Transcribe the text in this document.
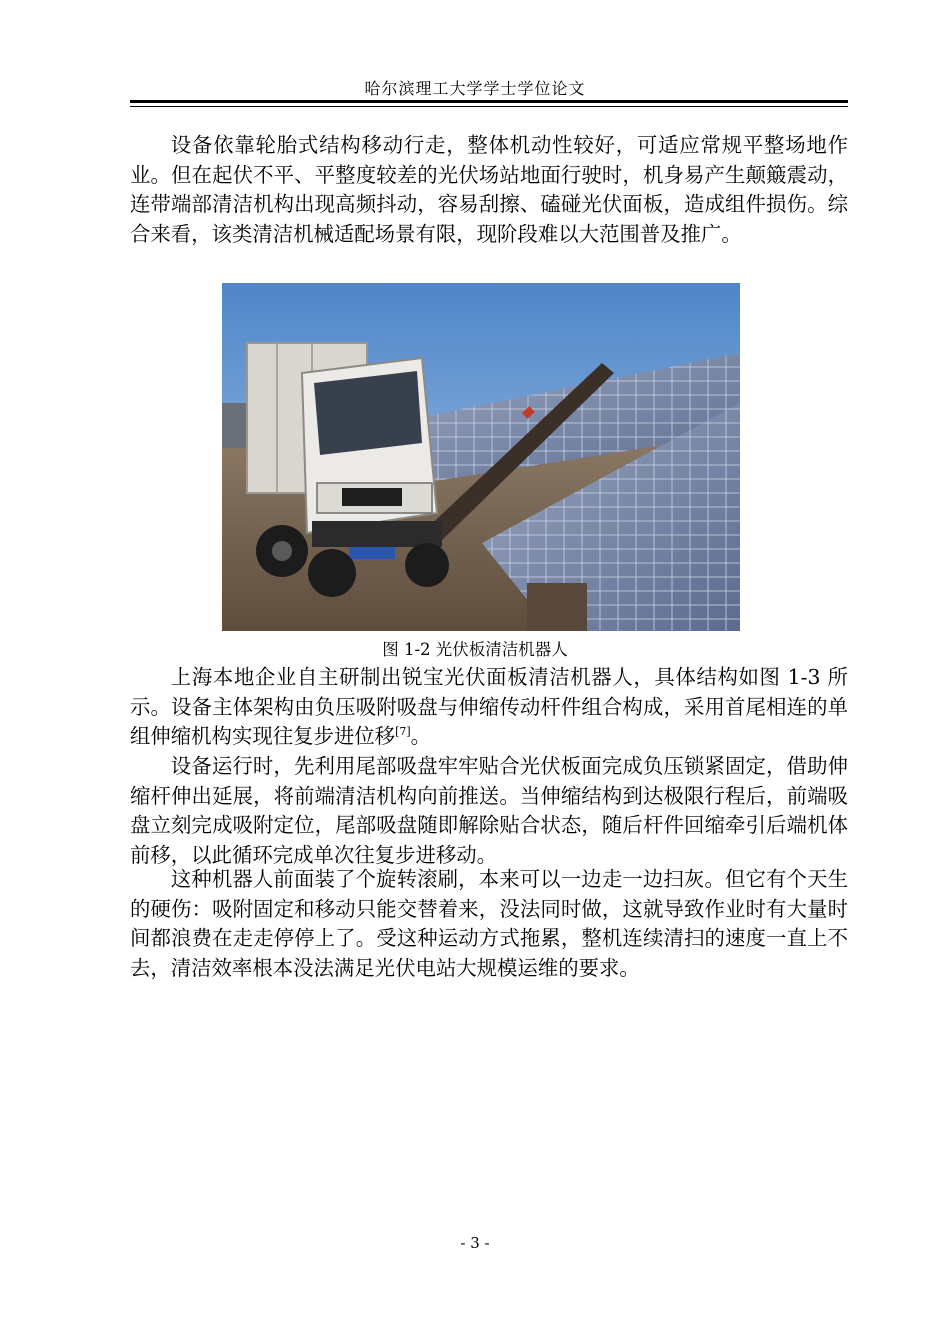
哈尔滨理工大学学士学位论文

设备依靠轮胎式结构移动行走，整体机动性较好，可适应常规平整场地作业。但在起伏不平、平整度较差的光伏场站地面行驶时，机身易产生颠簸震动，连带端部清洁机构出现高频抖动，容易刮擦、磕碰光伏面板，造成组件损伤。综合来看，该类清洁机械适配场景有限，现阶段难以大范围普及推广。

图 1-2 光伏板清洁机器人

上海本地企业自主研制出锐宝光伏面板清洁机器人，具体结构如图 1-3 所示。设备主体架构由负压吸附吸盘与伸缩传动杆件组合构成，采用首尾相连的单组伸缩机构实现往复步进位移[7]。

设备运行时，先利用尾部吸盘牢牢贴合光伏板面完成负压锁紧固定，借助伸缩杆伸出延展，将前端清洁机构向前推送。当伸缩结构到达极限行程后，前端吸盘立刻完成吸附定位，尾部吸盘随即解除贴合状态，随后杆件回缩牵引后端机体前移，以此循环完成单次往复步进移动。

这种机器人前面装了个旋转滚刷，本来可以一边走一边扫灰。但它有个天生的硬伤：吸附固定和移动只能交替着来，没法同时做，这就导致作业时有大量时间都浪费在走走停停上了。受这种运动方式拖累，整机连续清扫的速度一直上不去，清洁效率根本没法满足光伏电站大规模运维的要求。

- 3 -
